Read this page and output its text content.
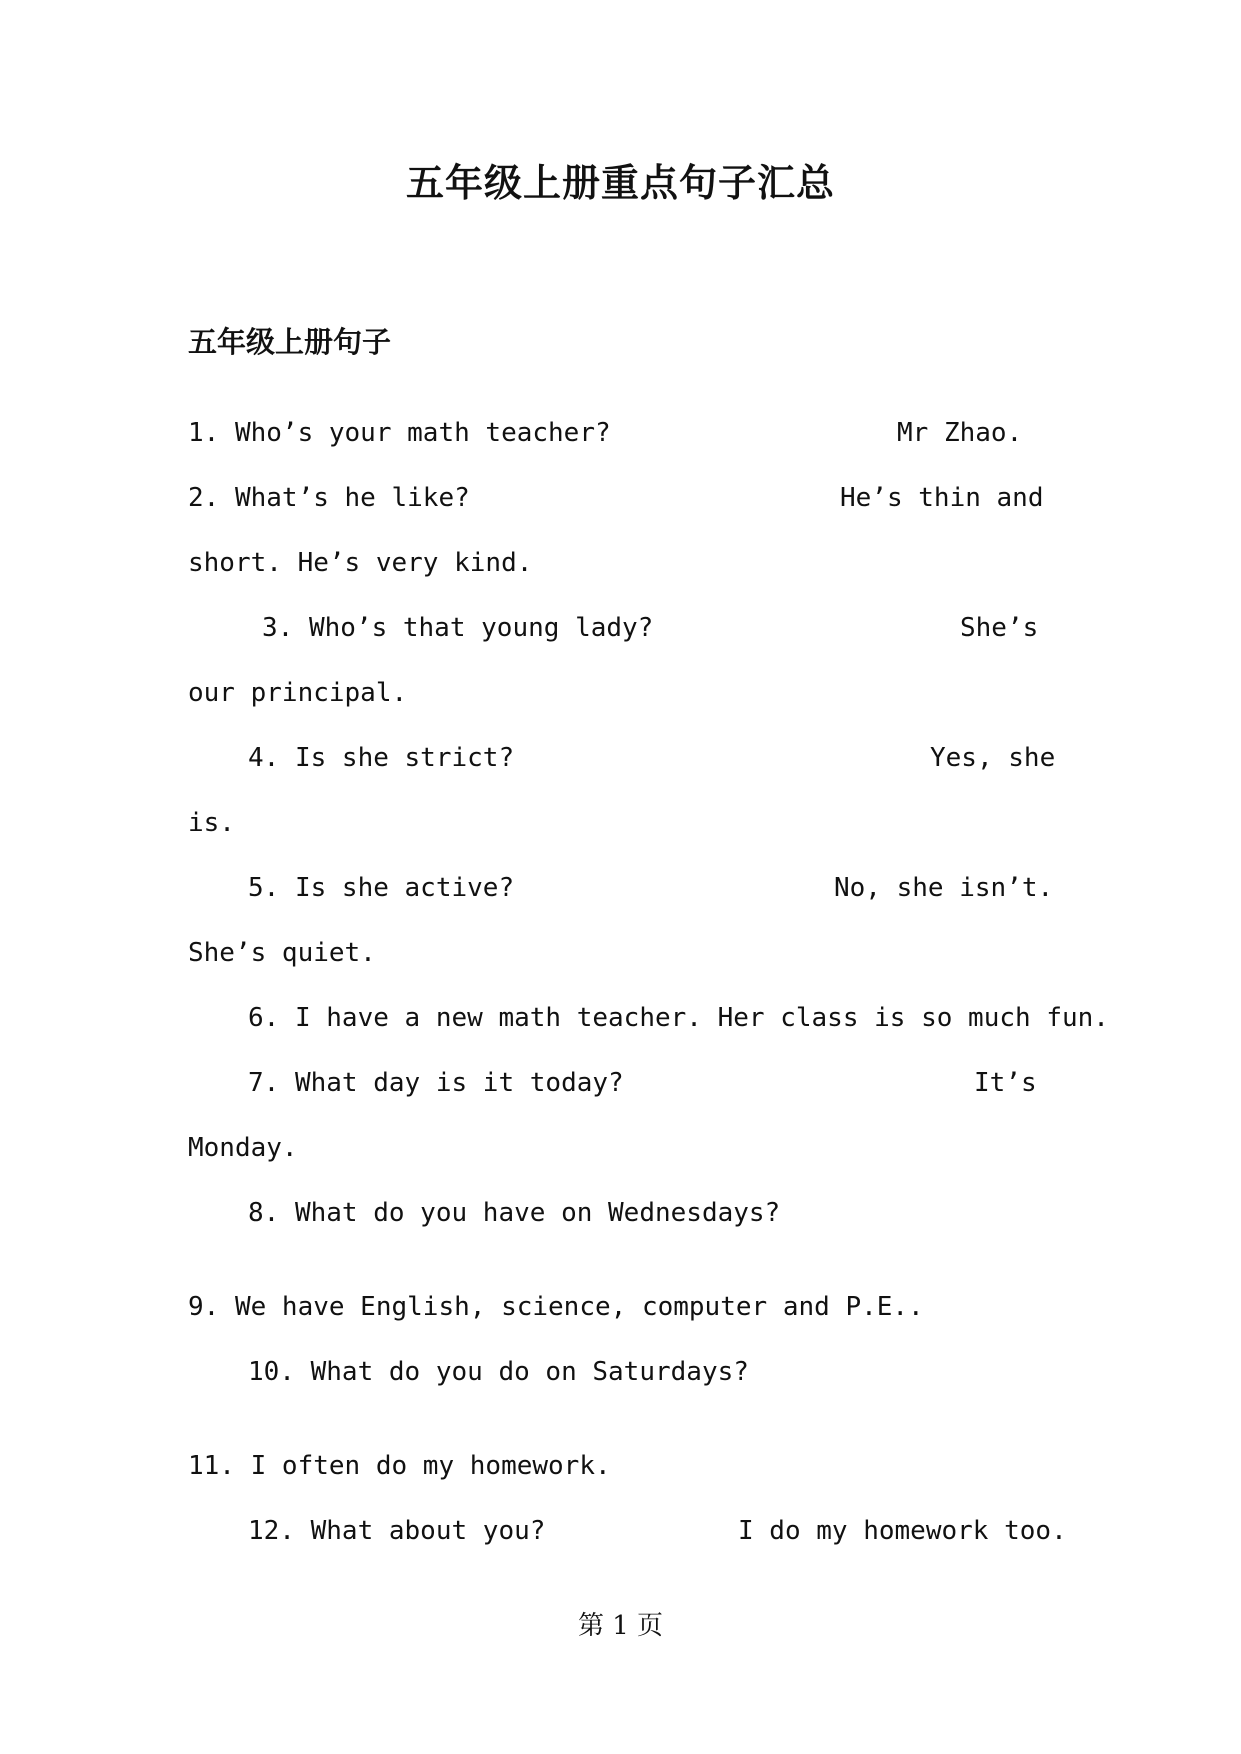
五年级上册重点句子汇总
五年级上册句子
1. Who’s your math teacher?	Mr Zhao.
2. What’s he like?	He’s thin and
short. He’s very kind.
3. Who’s that young lady?	She’s
our principal.
4. Is she strict?	Yes, she
is.
5. Is she active?	No, she isn’t.
She’s quiet.
6. I have a new math teacher. Her class is so much fun.
7. What day is it today?	It’s
Monday.
8. What do you have on Wednesdays?
9. We have English, science, computer and P.E..
10. What do you do on Saturdays?
11. I often do my homework.
12. What about you?	I do my homework too.
第 1 页
